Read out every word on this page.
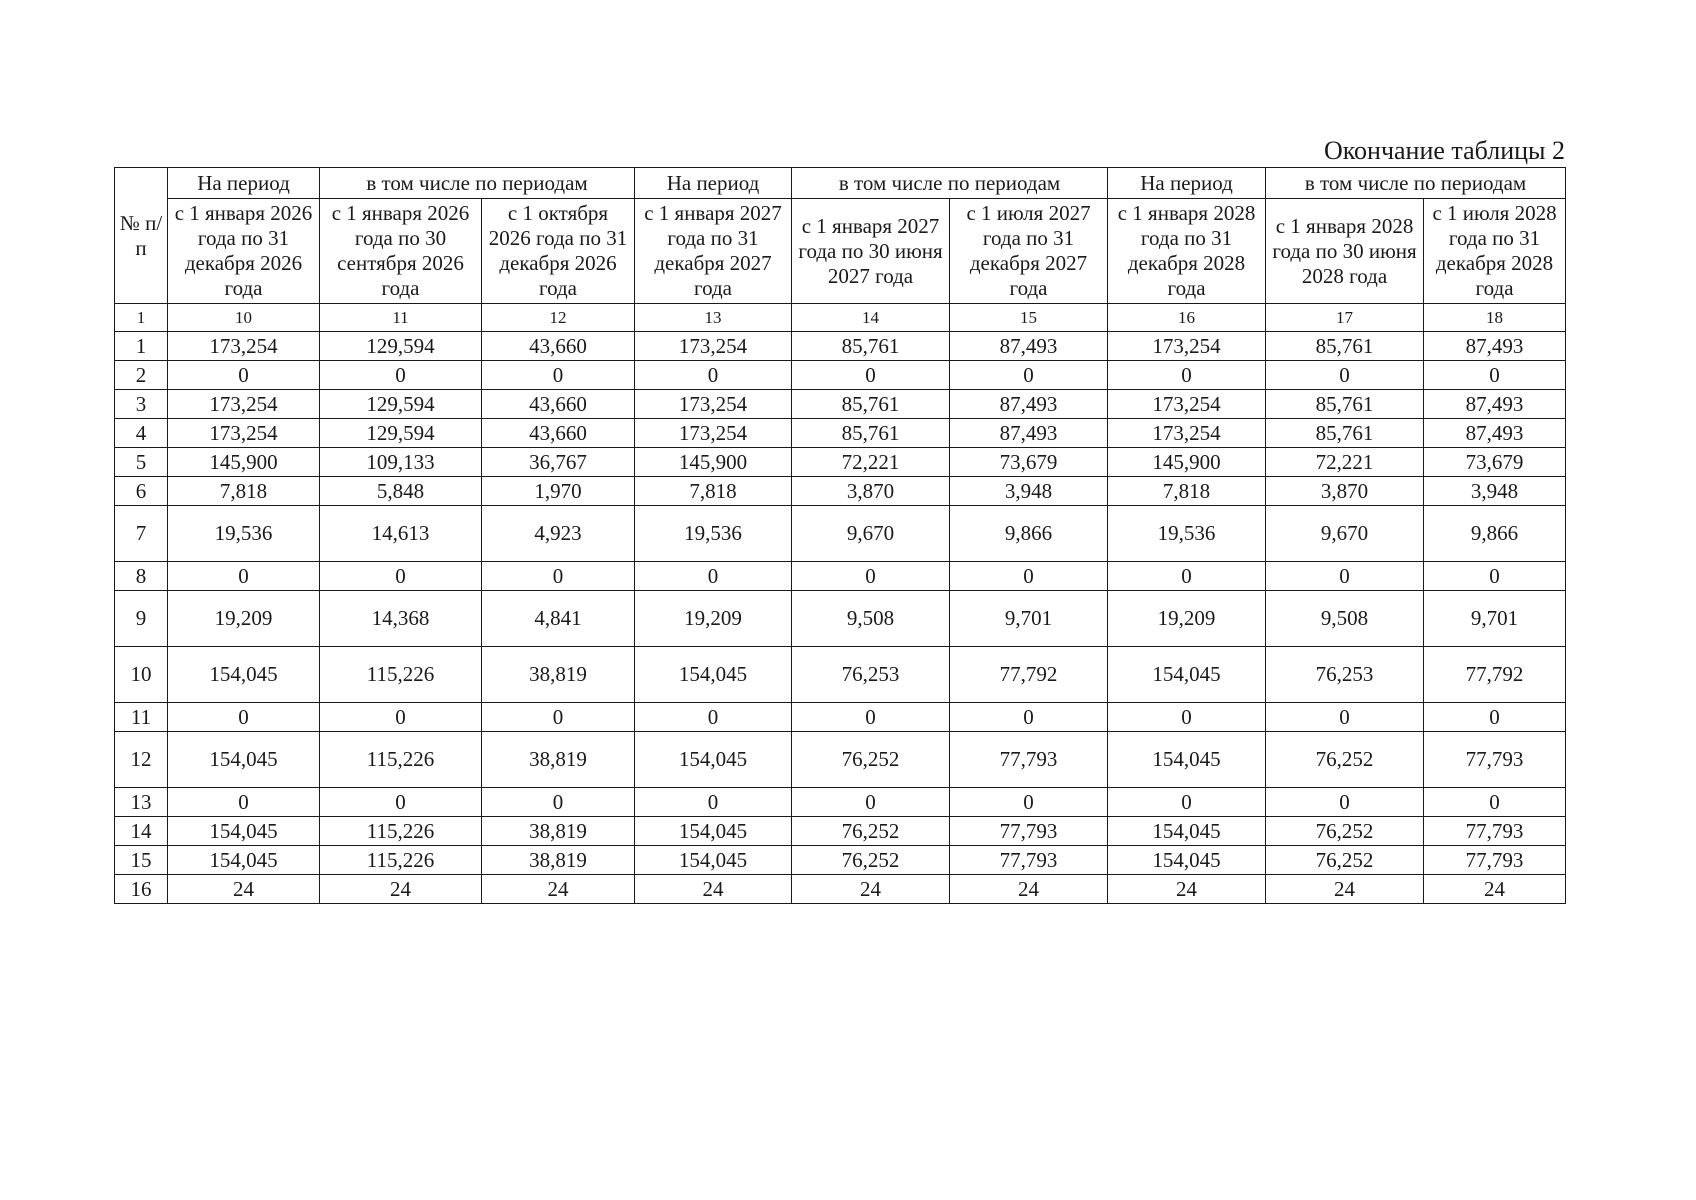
Окончание таблицы 2
№ п/п	На период	в том числе по периодам		На период	в том числе по периодам		На период	в том числе по периодам	
	с 1 января 2026 года по 31 декабря 2026 года	с 1 января 2026 года по 30 сентября 2026 года	с 1 октября 2026 года по 31 декабря 2026 года	с 1 января 2027 года по 31 декабря 2027 года	с 1 января 2027 года по 30 июня 2027 года	с 1 июля 2027 года по 31 декабря 2027 года	с 1 января 2028 года по 31 декабря 2028 года	с 1 января 2028 года по 30 июня 2028 года	с 1 июля 2028 года по 31 декабря 2028 года
1	10	11	12	13	14	15	16	17	18
1	173,254	129,594	43,660	173,254	85,761	87,493	173,254	85,761	87,493
2	0	0	0	0	0	0	0	0	0
3	173,254	129,594	43,660	173,254	85,761	87,493	173,254	85,761	87,493
4	173,254	129,594	43,660	173,254	85,761	87,493	173,254	85,761	87,493
5	145,900	109,133	36,767	145,900	72,221	73,679	145,900	72,221	73,679
6	7,818	5,848	1,970	7,818	3,870	3,948	7,818	3,870	3,948
7	19,536	14,613	4,923	19,536	9,670	9,866	19,536	9,670	9,866
8	0	0	0	0	0	0	0	0	0
9	19,209	14,368	4,841	19,209	9,508	9,701	19,209	9,508	9,701
10	154,045	115,226	38,819	154,045	76,253	77,792	154,045	76,253	77,792
11	0	0	0	0	0	0	0	0	0
12	154,045	115,226	38,819	154,045	76,252	77,793	154,045	76,252	77,793
13	0	0	0	0	0	0	0	0	0
14	154,045	115,226	38,819	154,045	76,252	77,793	154,045	76,252	77,793
15	154,045	115,226	38,819	154,045	76,252	77,793	154,045	76,252	77,793
16	24	24	24	24	24	24	24	24	24
